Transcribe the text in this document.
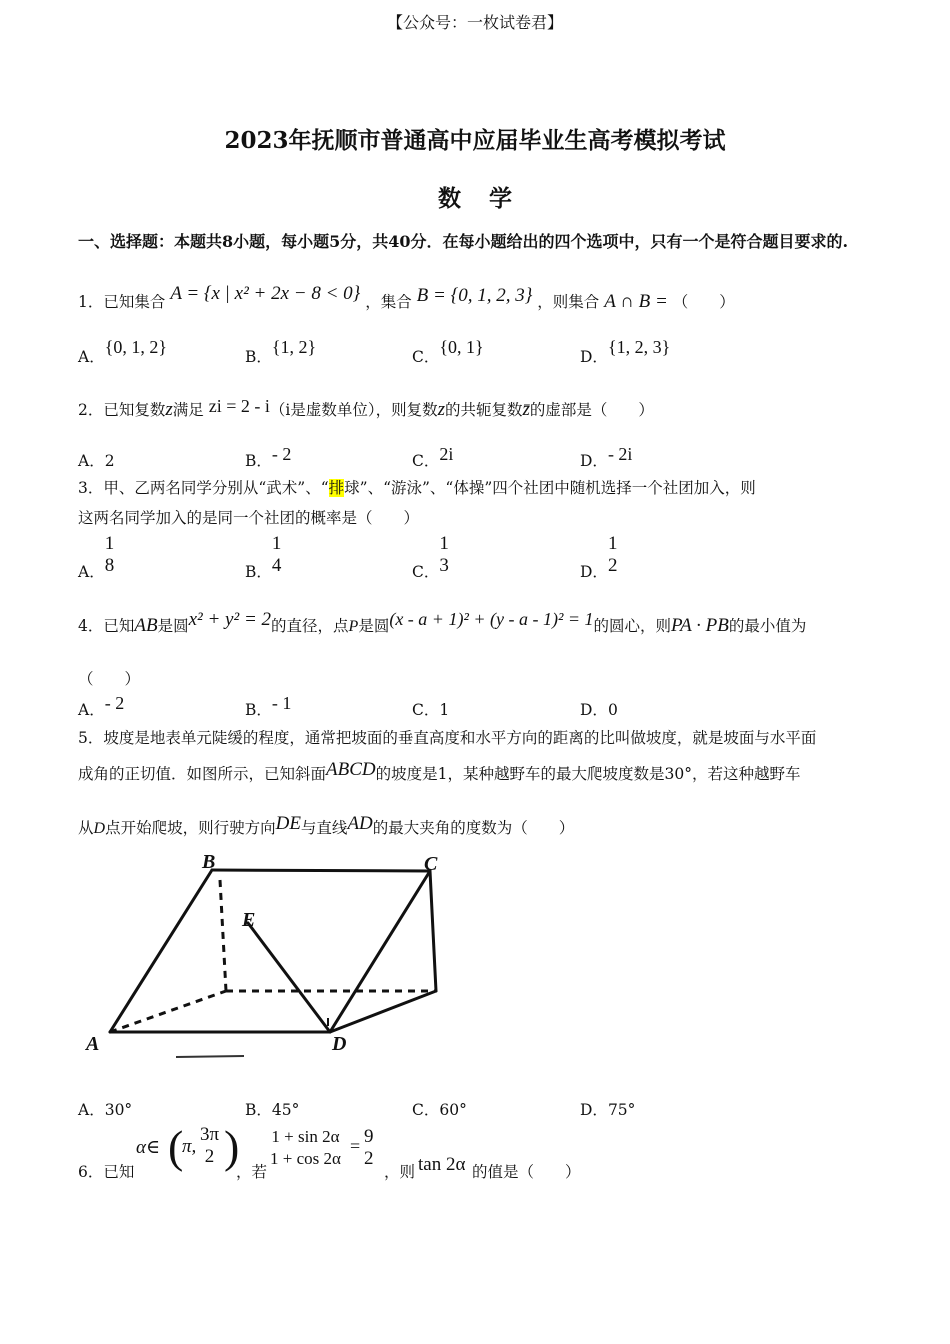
【公众号：一枚试卷君】
2023年抚顺市普通高中应届毕业生高考模拟考试
数学
一、选择题：本题共8小题，每小题5分，共40分．在每小题给出的四个选项中，只有一个是符合题目要求的.
1．已知集合 A = {x | x² + 2x − 8 < 0} ，集合 B = {0, 1, 2, 3} ，则集合 A ∩ B = （　　）
A．{0, 1, 2}	B．{1, 2}	C．{0, 1}	D．{1, 2, 3}
2．已知复数z满足 zi = 2 - i（i是虚数单位），则复数z的共轭复数z̄的虚部是（　　）
A．2	B．- 2	C．2i	D．- 2i
3．甲、乙两名同学分别从“武术”、“排球”、“游泳”、“体操”四个社团中随机选择一个社团加入，则
这两名同学加入的是同一个社团的概率是（　　）
A．
1
8	B．
1
4	C．
1
3	D．
1
2
4．已知AB是圆x² + y² = 2的直径，点P是圆(x - a + 1)² + (y - a - 1)² = 1的圆心，则PA · PB的最小值为
（　　）
A．- 2	B．- 1	C．1	D．0
5．坡度是地表单元陡缓的程度，通常把坡面的垂直高度和水平方向的距离的比叫做坡度，就是坡面与水平面
成角的正切值．如图所示，已知斜面ABCD的坡度是1，某种越野车的最大爬坡度数是30°，若这种越野车
从D点开始爬坡，则行驶方向DE与直线AD的最大夹角的度数为（　　）
B	C
E
A	D
A．30°	B．45°	C．60°	D．75°
6．已知
α∈ (
π,
3π
2 )
，若
1 + sin 2α
1 + cos 2α
= 9
2
，则 tan 2α 的值是（　　）
